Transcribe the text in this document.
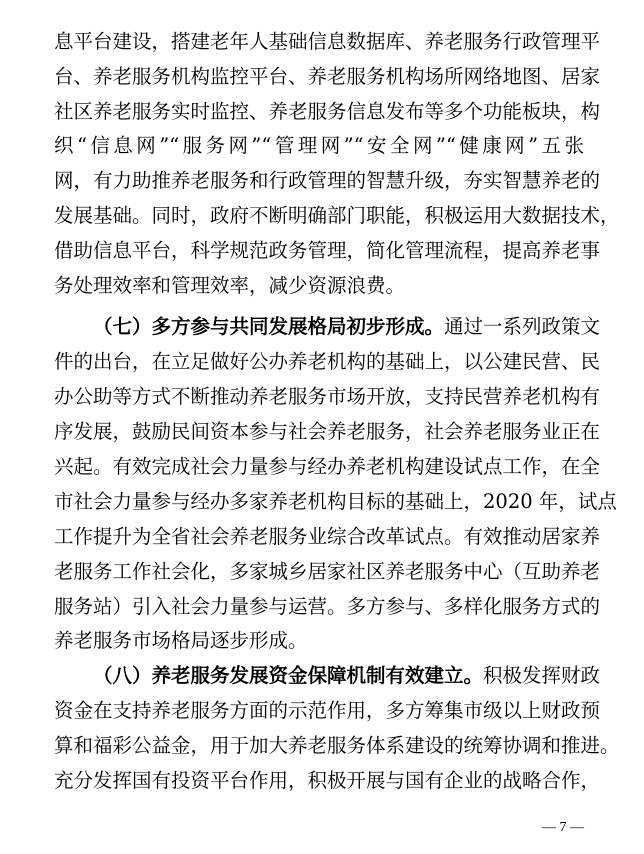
息平台建设，搭建老年人基础信息数据库、养老服务行政管理平
台、养老服务机构监控平台、养老服务机构场所网络地图、居家
社区养老服务实时监控、养老服务信息发布等多个功能板块，构
织“信息网”“服务网”“管理网”“安全网”“健康网”五张
网，有力助推养老服务和行政管理的智慧升级，夯实智慧养老的
发展基础。同时，政府不断明确部门职能，积极运用大数据技术，
借助信息平台，科学规范政务管理，简化管理流程，提高养老事
务处理效率和管理效率，减少资源浪费。
（七）多方参与共同发展格局初步形成。通过一系列政策文
件的出台，在立足做好公办养老机构的基础上，以公建民营、民
办公助等方式不断推动养老服务市场开放，支持民营养老机构有
序发展，鼓励民间资本参与社会养老服务，社会养老服务业正在
兴起。有效完成社会力量参与经办养老机构建设试点工作，在全
市社会力量参与经办多家养老机构目标的基础上，2020 年，试点
工作提升为全省社会养老服务业综合改革试点。有效推动居家养
老服务工作社会化，多家城乡居家社区养老服务中心（互助养老
服务站）引入社会力量参与运营。多方参与、多样化服务方式的
养老服务市场格局逐步形成。
（八）养老服务发展资金保障机制有效建立。积极发挥财政
资金在支持养老服务方面的示范作用，多方筹集市级以上财政预
算和福彩公益金，用于加大养老服务体系建设的统筹协调和推进。
充分发挥国有投资平台作用，积极开展与国有企业的战略合作，
— 7 —
